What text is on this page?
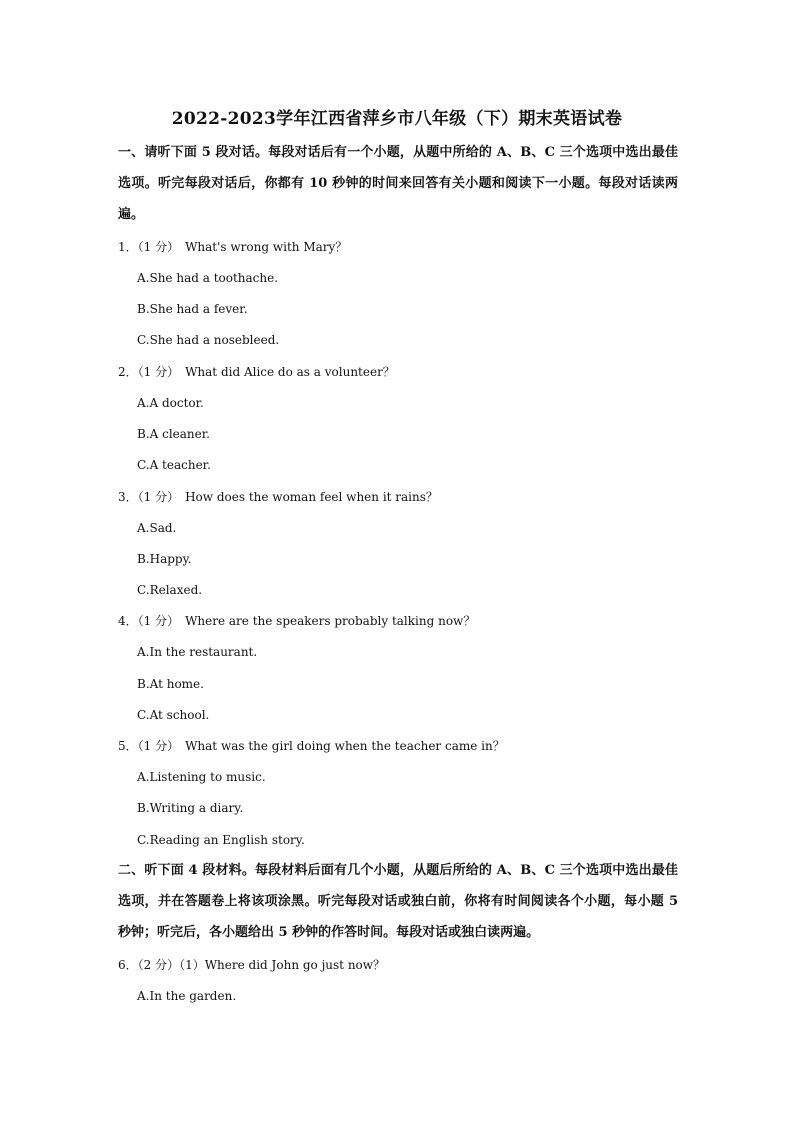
2022-2023学年江西省萍乡市八年级（下）期末英语试卷
一、请听下面 5 段对话。每段对话后有一个小题，从题中所给的 A、B、C 三个选项中选出最佳选项。听完每段对话后，你都有 10 秒钟的时间来回答有关小题和阅读下一小题。每段对话读两遍。
1．（1 分）　What's wrong with Mary？
A.She had a toothache.
B.She had a fever.
C.She had a nosebleed.
2．（1 分）　What did Alice do as a volunteer？
A.A doctor.
B.A cleaner.
C.A teacher.
3．（1 分）　How does the woman feel when it rains？
A.Sad.
B.Happy.
C.Relaxed.
4．（1 分）　Where are the speakers probably talking now？
A.In the restaurant.
B.At home.
C.At school.
5．（1 分）　What was the girl doing when the teacher came in？
A.Listening to music.
B.Writing a diary.
C.Reading an English story.
二、听下面 4 段材料。每段材料后面有几个小题，从题后所给的 A、B、C 三个选项中选出最佳选项，并在答题卷上将该项涂黑。听完每段对话或独白前，你将有时间阅读各个小题，每小题 5 秒钟；听完后，各小题给出 5 秒钟的作答时间。每段对话或独白读两遍。
6．（2 分）（1）Where did John go just now？
A.In the garden.
